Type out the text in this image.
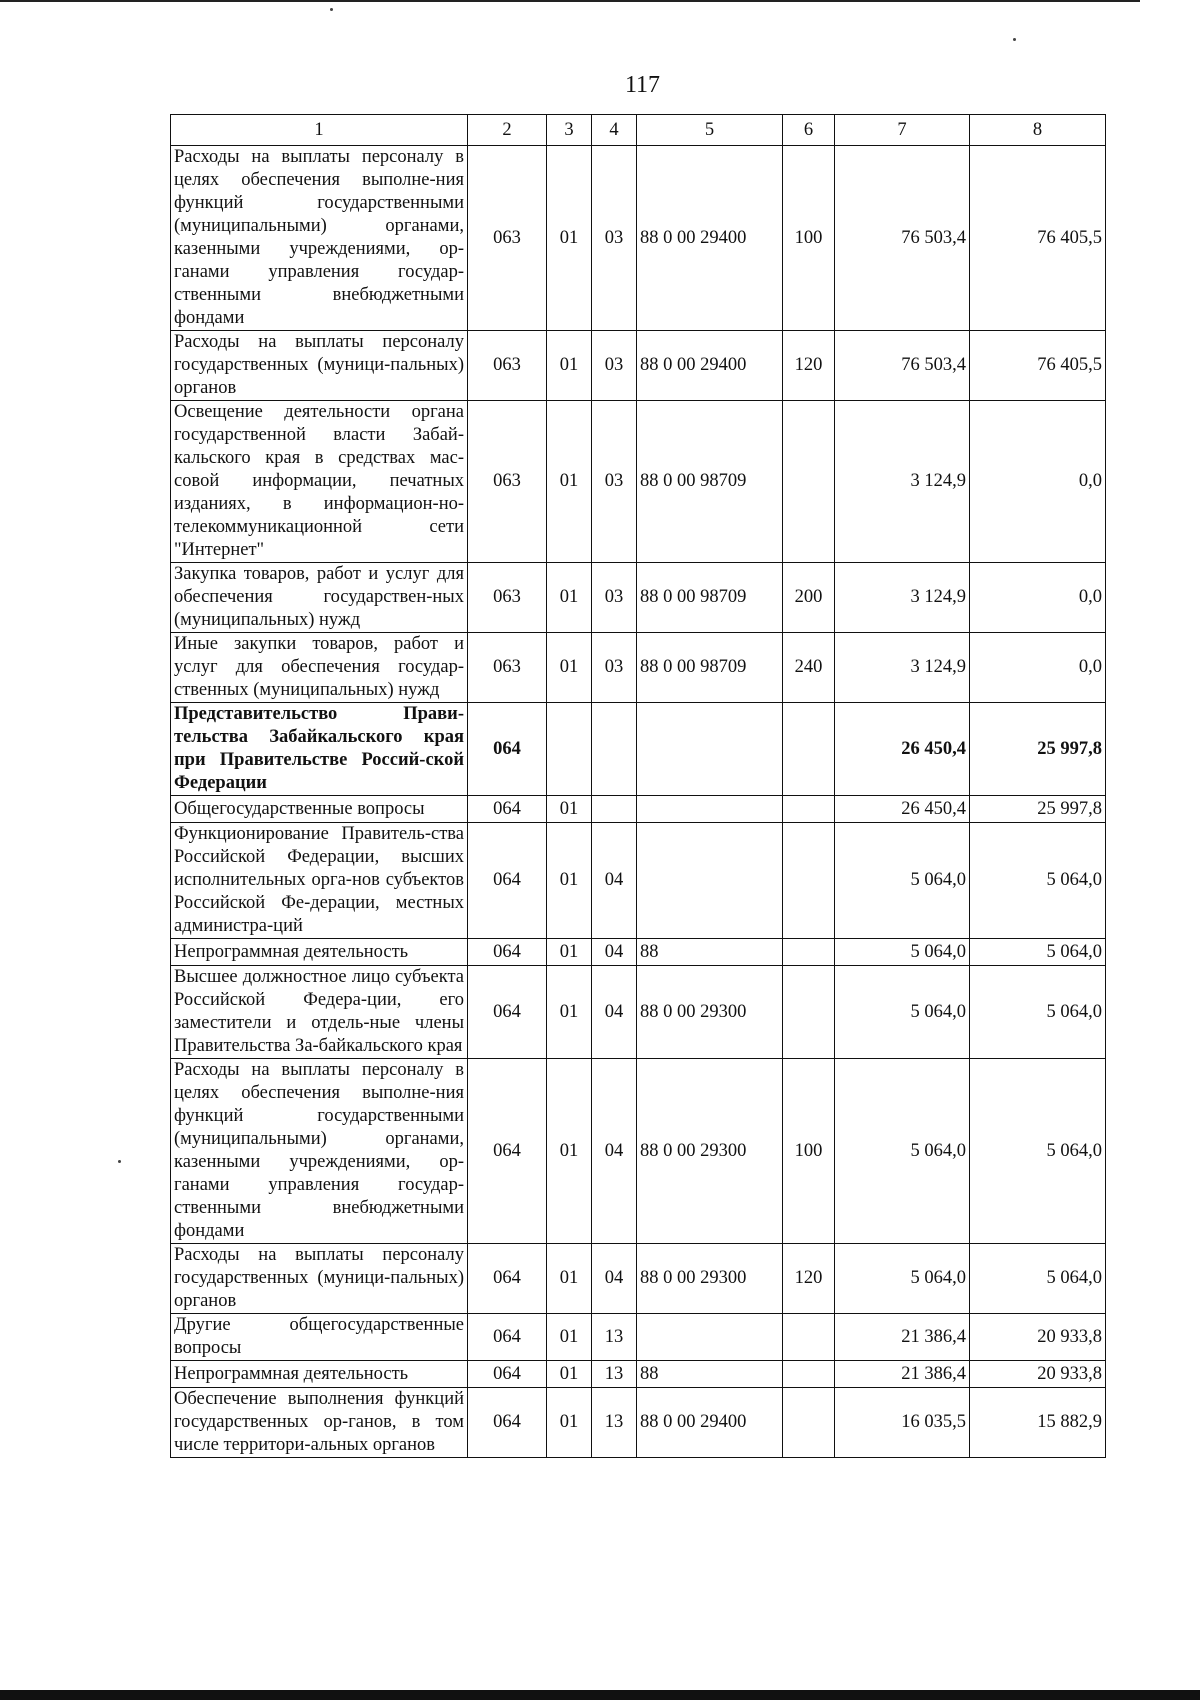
117
1	2	3	4	5	6	7	8
Расходы на выплаты персоналу в целях обеспечения выполне-ния функций государственными (муниципальными) органами, казенными учреждениями, ор-ганами управления государ-ственными внебюджетными фондами	063	01	03	88 0 00 29400	100	76 503,4	76 405,5
Расходы на выплаты персоналу государственных (муници-пальных) органов	063	01	03	88 0 00 29400	120	76 503,4	76 405,5
Освещение деятельности органа государственной власти Забай-кальского края в средствах мас-совой информации, печатных изданиях, в информацион-но-телекоммуникационной сети "Интернет"	063	01	03	88 0 00 98709		3 124,9	0,0
Закупка товаров, работ и услуг для обеспечения государствен-ных (муниципальных) нужд	063	01	03	88 0 00 98709	200	3 124,9	0,0
Иные закупки товаров, работ и услуг для обеспечения государ-ственных (муниципальных) нужд	063	01	03	88 0 00 98709	240	3 124,9	0,0
Представительство Прави-тельства Забайкальского края при Правительстве Россий-ской Федерации	064					26 450,4	25 997,8
Общегосударственные вопросы	064	01				26 450,4	25 997,8
Функционирование Правитель-ства Российской Федерации, высших исполнительных орга-нов субъектов Российской Фе-дерации, местных администра-ций	064	01	04			5 064,0	5 064,0
Непрограммная деятельность	064	01	04	88		5 064,0	5 064,0
Высшее должностное лицо субъекта Российской Федера-ции, его заместители и отдель-ные члены Правительства За-байкальского края	064	01	04	88 0 00 29300		5 064,0	5 064,0
Расходы на выплаты персоналу в целях обеспечения выполне-ния функций государственными (муниципальными) органами, казенными учреждениями, ор-ганами управления государ-ственными внебюджетными фондами	064	01	04	88 0 00 29300	100	5 064,0	5 064,0
Расходы на выплаты персоналу государственных (муници-пальных) органов	064	01	04	88 0 00 29300	120	5 064,0	5 064,0
Другие общегосударственные вопросы	064	01	13			21 386,4	20 933,8
Непрограммная деятельность	064	01	13	88		21 386,4	20 933,8
Обеспечение выполнения функций государственных ор-ганов, в том числе территори-альных органов	064	01	13	88 0 00 29400		16 035,5	15 882,9
